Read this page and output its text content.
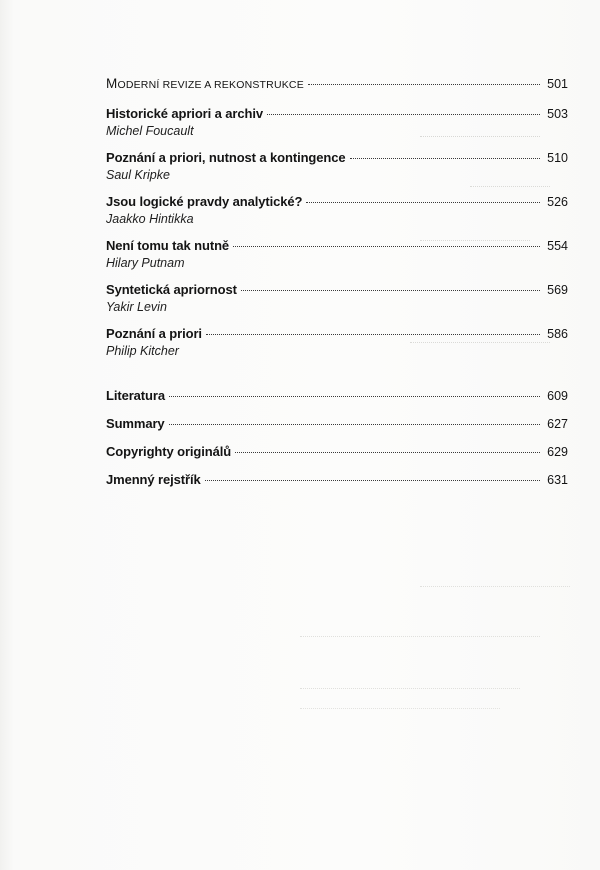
MODERNÍ REVIZE A REKONSTRUKCE	501
Historické apriori a archiv	503
Michel Foucault
Poznání a priori, nutnost a kontingence	510
Saul Kripke
Jsou logické pravdy analytické?	526
Jaakko Hintikka
Není tomu tak nutně	554
Hilary Putnam
Syntetická apriornost	569
Yakir Levin
Poznání a priori	586
Philip Kitcher
Literatura	609
Summary	627
Copyrighty originálů	629
Jmenný rejstřík	631
